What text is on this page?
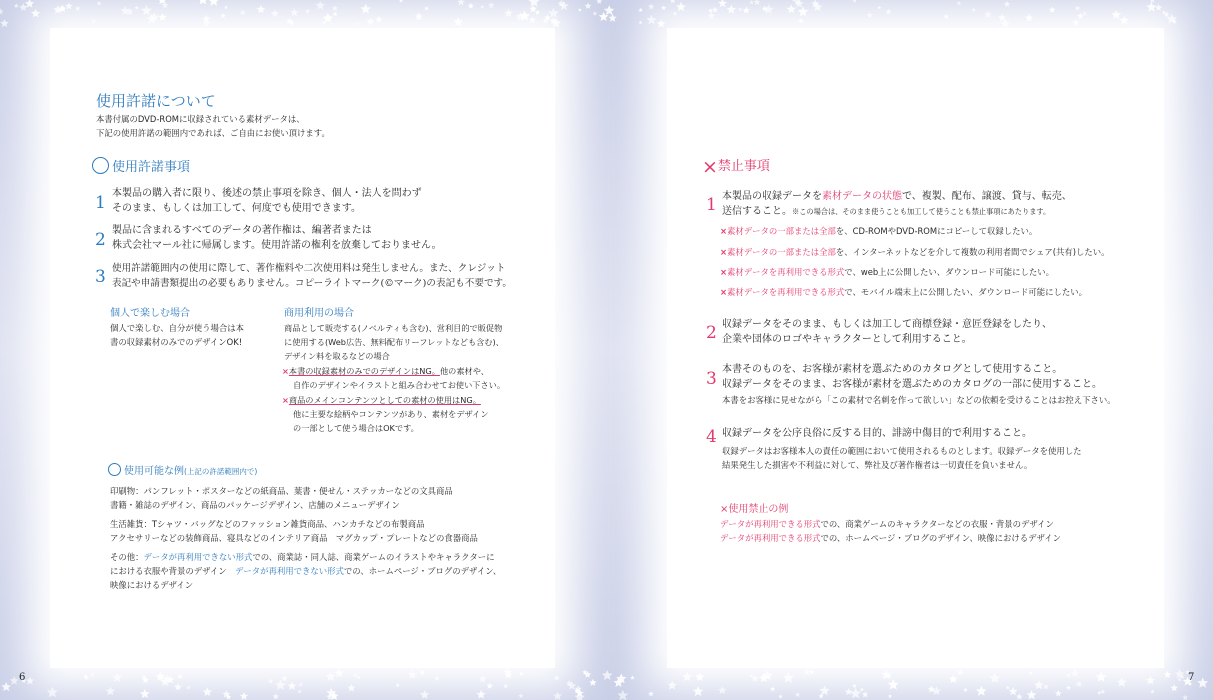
使用許諾について
本書付属のDVD-ROMに収録されている素材データは、
下記の使用許諾の範囲内であれば、ご自由にお使い頂けます。
使用許諾事項
1 本製品の購入者に限り、後述の禁止事項を除き、個人・法人を問わず
そのまま、もしくは加工して、何度でも使用できます。
2 製品に含まれるすべてのデータの著作権は、編著者または
株式会社マール社に帰属します。使用許諾の権利を放棄しておりません。
3 使用許諾範囲内の使用に際して、著作権料や二次使用料は発生しません。また、クレジット
表記や申請書類提出の必要もありません。コピーライトマーク(©マーク)の表記も不要です。
個人で楽しむ場合
個人で楽しむ、自分が使う場合は本
書の収録素材のみでのデザインOK!
商用利用の場合
商品として販売する(ノベルティも含む)、営利目的で販促物
に使用する(Web広告、無料配布リーフレットなども含む)、
デザイン料を取るなどの場合
×本書の収録素材のみでのデザインはNG。他の素材や、
自作のデザインやイラストと組み合わせてお使い下さい。
×商品のメインコンテンツとしての素材の使用はNG。
他に主要な絵柄やコンテンツがあり、素材をデザイン
の一部として使う場合はOKです。
使用可能な例(上記の許諾範囲内で)
印刷物：パンフレット・ポスターなどの紙商品、葉書・便せん・ステッカーなどの文具商品
書籍・雑誌のデザイン、商品のパッケージデザイン、店舗のメニューデザイン
生活雑貨：Tシャツ・バッグなどのファッション雑貨商品、ハンカチなどの布製商品
アクセサリーなどの装飾商品、寝具などのインテリア商品　マグカップ・プレートなどの食器商品
その他：データが再利用できない形式での、商業誌・同人誌、商業ゲームのイラストやキャラクターに
における衣服や背景のデザイン　データが再利用できない形式での、ホームページ・ブログのデザイン、
映像におけるデザイン
6
×禁止事項
1 本製品の収録データを素材データの状態で、複製、配布、譲渡、貸与、転売、
送信すること。※この場合は、そのまま使うことも加工して使うことも禁止事項にあたります。
×素材データの一部または全部を、CD-ROMやDVD-ROMにコピーして収録したい。
×素材データの一部または全部を、インターネットなどを介して複数の利用者間でシェア(共有)したい。
×素材データを再利用できる形式で、web上に公開したい、ダウンロード可能にしたい。
×素材データを再利用できる形式で、モバイル端末上に公開したい、ダウンロード可能にしたい。
2 収録データをそのまま、もしくは加工して商標登録・意匠登録をしたり、
企業や団体のロゴやキャラクターとして利用すること。
3 本書そのものを、お客様が素材を選ぶためのカタログとして使用すること。
収録データをそのまま、お客様が素材を選ぶためのカタログの一部に使用すること。
本書をお客様に見せながら「この素材で名刺を作って欲しい」などの依頼を受けることはお控え下さい。
4 収録データを公序良俗に反する目的、誹謗中傷目的で利用すること。
収録データはお客様本人の責任の範囲において使用されるものとします。収録データを使用した
結果発生した損害や不利益に対して、弊社及び著作権者は一切責任を負いません。
×使用禁止の例
データが再利用できる形式での、商業ゲームのキャラクターなどの衣服・背景のデザイン
データが再利用できる形式での、ホームページ・ブログのデザイン、映像におけるデザイン
7
